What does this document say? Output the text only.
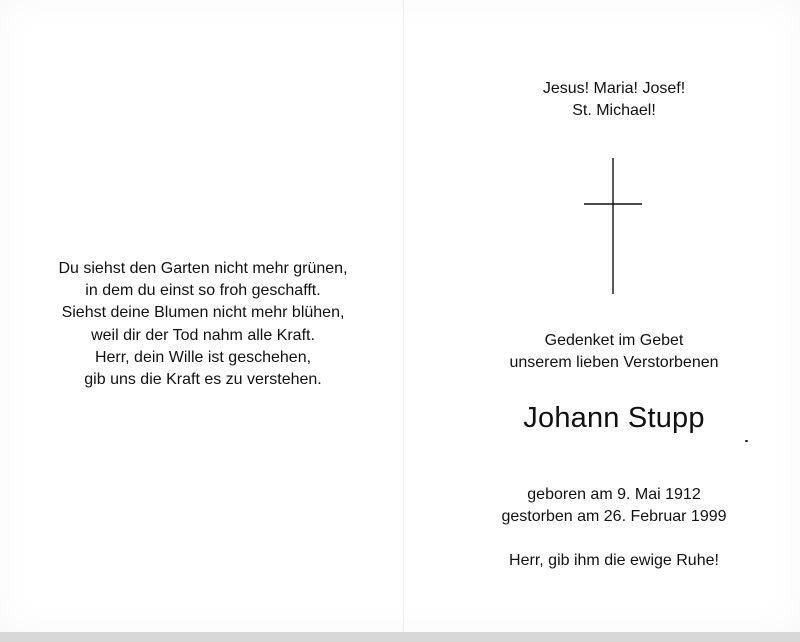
Du siehst den Garten nicht mehr grünen,
in dem du einst so froh geschafft.
Siehst deine Blumen nicht mehr blühen,
weil dir der Tod nahm alle Kraft.
Herr, dein Wille ist geschehen,
gib uns die Kraft es zu verstehen.
Jesus! Maria! Josef!
St. Michael!
Gedenket im Gebet
unserem lieben Verstorbenen
Johann Stupp
geboren am 9. Mai 1912
gestorben am 26. Februar 1999
Herr, gib ihm die ewige Ruhe!
